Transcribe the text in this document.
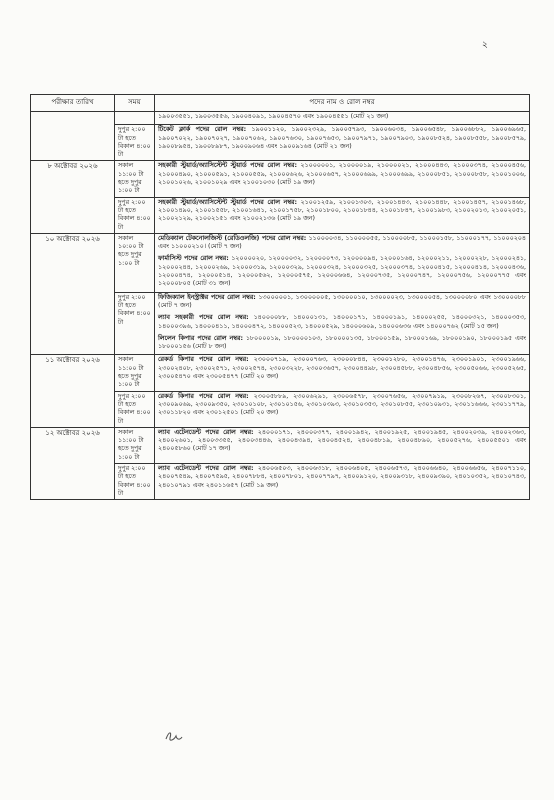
২
পরীক্ষার তারিখ	সময়	পদের নাম ও রোল নম্বর

		১৯০০৩৫৫১, ১৯০০৩৫৫৬, ১৯০০৪০৯১, ১৯০০৪৫৭০ এবং ১৯০০৪৫৫১ (মোট ২১ জন)

	দুপুর ২:০০ টা হতে বিকাল ৪:০০ টা	টিকেট ক্লার্ক পদের রোল নম্বর: ১৯০০১১২০, ১৯০০২৩২৯, ১৯০০৫৭৯৩, ১৯০০৬০৩৪, ১৯০০৬৫৪৮, ১৯০০৬৮৮২, ১৯০০৬৯৬৫, ১৯০০৭০২২, ১৯০০৭০২৭, ১৯০০৭০৬২, ১৯০০৭৬৩০, ১৯০০৭৬৫৩, ১৯০০৭৯৭১, ১৯০০৭৯০৩, ১৯০০৮৫২৪, ১৯০০৮৫৫৮, ১৯০০৮৫৭৯, ১৯০০৮৯৫৪, ১৯০০৮৯৮৭, ১৯০০৯০৬৪ এবং ১৯০০৯১৬৪ (মোট ২১ জন)

৮ অক্টোবর ২০২৬	সকাল ১১:০০ টা হতে দুপুর ১:০০ টা	সহকারী স্টুয়ার্ড/অ্যাসিস্টেন্ট স্টুয়ার্ড পদের রোল নম্বর: ২১০০০০০১, ২১০০০০১৯, ২১০০০০২১, ২১০০০৪৪৩, ২১০০০৩৭৪, ২১০০০৪৫৬, ২১০০০৪৯০, ২১০০০৫৯১, ২১০০০৫৫৯, ২১০০০৬২৬, ২১০০০৬৫৭, ২১০০০৬৯৯, ২১০০০৬৯৯, ২১০০০৮৫১, ২১০০০৮৫৮, ২১০০১০০৬, ২১০০১০২৬, ২১০০১০২৯ এবং ২১০০১০৩০ (মোট ১৯ জন)

	দুপুর ২:০০ টা হতে বিকাল ৪:০০ টা	সহকারী স্টুয়ার্ড/অ্যাসিস্টেন্ট স্টুয়ার্ড পদের রোল নম্বর: ২১০০১২৫৯, ২১০০১৩০৩, ২১০০১৪৪৩, ২১০০১৪৪৮, ২১০০১৪৫৭, ২১০০১৪৬৮, ২১০০১৪৯০, ২১০০১৫৫৮, ২১০০১৬৪১, ২১০০১৭৫৮, ২১০০১৮০০, ২১০০১৮৪৪, ২১০০১৮৪৭, ২১০০১৯৮৩, ২১০০২০১৩, ২১০০২০৫১, ২১০০২১২৯, ২১০০২১৫১ এবং ২১০০২১৩৬ (মোট ১৯ জন)

১০ অক্টোবর ২০২৬	সকাল ১০:০০ টা হতে দুপুর ১:০০ টা	মেডিক্যাল টেকনোলজিস্ট (রেডিওলজি) পদের রোল নম্বর: ১১০০০০৩৪, ১১০০০০৫৫, ১১০০০০৮৫, ১১০০০১৫৮, ১১০০০১৭৭, ১১০০০২০৪ এবং ১১০০০২১০। (মোট ৭ জন)
ফার্মাসিস্ট পদের রোল নম্বর: ১২০০০০২০, ১২০০০০৩২, ১২০০০০৭৩, ১২০০০০৯৪, ১২০০০১৬৪, ১২০০০২১১, ১২০০০২২৮, ১২০০০২৪১, ১২০০০২৪৪, ১২০০০২৬৯, ১২০০০৩১৯, ১২০০০৩২৯, ১২০০০৩২৪, ১২০০০৩২৫, ১২০০০৩৭৪, ১২০০০৪১৫, ১২০০০৪১৪, ১২০০০৪৩৬, ১২০০০৪৭৪, ১২০০০৫১৪, ১২০০০৫৬২, ১২০০০৫৭৫, ১২০০০৬৬৪, ১২০০০৭৩৫, ১২০০০৭৪৭, ১২০০০৭৫৬, ১২০০০৭৭৫ এবং ১২০০০৮০৫ (মোট ৩১ জন)

	দুপুর ২:০০ টা হতে বিকাল ৪:০০ টা	ফিজিক্যাল ইনস্ট্রাক্টর পদের রোল নম্বর: ১৩০০০০০১, ১৩০০০০০৫, ১৩০০০০১০, ১৩০০০০২৩, ১৩০০০০৫৪, ১৩০০০০৮০ এবং ১৩০০০০৮৮ (মোট ৭ জন)
ল্যাব সহকারী পদের রোল নম্বর: ১৪০০০০৮৮, ১৪০০০১৩১, ১৪০০০১৭১, ১৪০০০১৯১, ১৪০০০২৫৫, ১৪০০০৩২১, ১৪০০০৩৫৩, ১৪০০০৩৯৬, ১৪০০০৪১১, ১৪০০০৪৭২, ১৪০০০৫২৩, ১৪০০০৫২৯, ১৪০০০৬০৯, ১৪০০০৬৩৬ এবং ১৪০০০৭৬২ (মোট ১৫ জন)
লিলেন কিপার পদের রোল নম্বর: ১৮০০০০১৯, ১৮০০০০১০৩, ১৮০০০০১৩৫, ১৮০০০১৫৯, ১৮০০০১৬৯, ১৮০০০১৯০, ১৮০০০১৯৫ এবং ১৮০০০১৫৬ (মোট ৮ জন)

১১ অক্টোবর ২০২৬	সকাল ১১:০০ টা হতে দুপুর ১:০০ টা	রেকর্ড কিপার পদের রোল নম্বর: ২৩০০০৭১৯, ২৩০০০৭৬৩, ২৩০০০৮৪৪, ২৩০০১২৮০, ২৩০০১৪৭৬, ২৩০০১৯০১, ২৩০০১৯৬৬, ২৩০০২৪০৮, ২৩০০২৫৭১, ২৩০০২৫৭৪, ২৩০০৩২২৮, ২৩০০৩৬৫৭, ২৩০০৪৪৯৮, ২৩০০৪৫৮৮, ২৩০০৪৮৫৬, ২৩০০৫০৬৬, ২৩০০৫২৬৫, ২৩০০৫৪৭০ এবং ২৩০০৫৪৭৭ (মোট ২০ জন)

	দুপুর ২:০০ টা হতে বিকাল ৪:০০ টা	রেকর্ড কিপার পদের রোল নম্বর: ২৩০০৫৮৮৯, ২৩০০৬২৯১, ২৩০০৬৫৭৮, ২৩০০৭৬৫৬, ২৩০০৭৯১৯, ২৩০০৮২৬৭, ২৩০০৮৩০১, ২৩০০৯০৬৯, ২৩০০৯৩৫০, ২৩০১০১০৮, ২৩০১০১৫৬, ২৩০১০৩৯৩, ২৩০১০৩৫৩, ২৩০১০৮৫৫, ২৩০১০৯৩১, ২৩০১১৬৬৬, ২৩০১১৭৭৯, ২৩০১১৮২০ এবং ২৩০১২৫০১ (মোট ২০ জন)

১২ অক্টোবর ২০২৬	সকাল ১১:০০ টা হতে দুপুর ১:০০ টা	ল্যাব এটেনডেন্ট পদের রোল নম্বর: ২৪০০০১৭১, ২৪০০০৩৭৭, ২৪০০১৯৪২, ২৪০০১৯২৫, ২৪০০১৯৪৫, ২৪০০২০৩৯, ২৪০০২৩৬৩, ২৪০০২৬০১, ২৪০০৩৩৫৫, ২৪০০৩৪৪৬, ২৪০০৪৩৯৪, ২৪০০৪৫২৪, ২৪০০৪৮১৯, ২৪০০৪৮৯০, ২৪০০৫২৭৬, ২৪০০৫৫০১ এবং ২৪০০৫৮৬০ (মোট ১৭ জন)

	দুপুর ২:০০ টা হতে বিকাল ৪:০০ টা	ল্যাব এটেনডেন্ট পদের রোল নম্বর: ২৪০০৬৫০৩, ২৪০০৬৩১৮, ২৪০০৬৪০৫, ২৪০০৬৫৭৩, ২৪০০৬৬৪০, ২৪০০৬৬৫৬, ২৪০০৭১১০, ২৪০০৭৫৪৯, ২৪০০৭৫৯৫, ২৪০০৭৮৮৪, ২৪০০৭৮০১, ২৪০০৭৭৯৭, ২৪০০৯১২০, ২৪০০৯৩১৮, ২৪০০৯৩৯০, ২৪০১০৩৫২, ২৪০১০৭৪৩, ২৪০১০৭৯১ এবং ২৪০১১৬৫৭ (মোট ১৯ জন)
